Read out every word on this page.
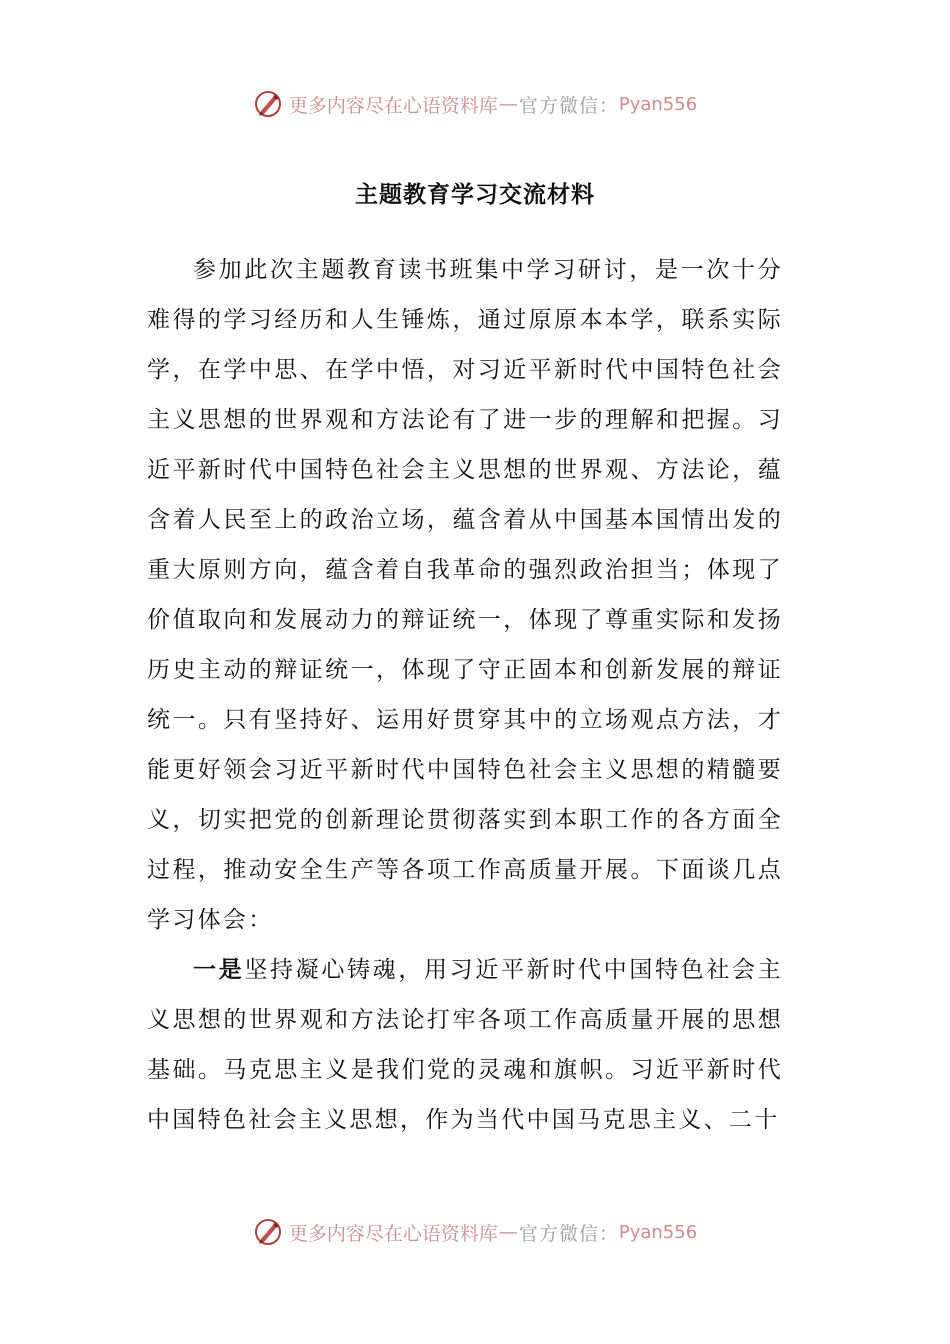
更多内容尽在心语资料库 — 官方微信： Pyan556
主题教育学习交流材料

参加此次主题教育读书班集中学习研讨，是一次十分难得的学习经历和人生锤炼，通过原原本本学，联系实际学，在学中思、在学中悟，对习近平新时代中国特色社会主义思想的世界观和方法论有了进一步的理解和把握。习近平新时代中国特色社会主义思想的世界观、方法论，蕴含着人民至上的政治立场，蕴含着从中国基本国情出发的重大原则方向，蕴含着自我革命的强烈政治担当；体现了价值取向和发展动力的辩证统一，体现了尊重实际和发扬历史主动的辩证统一，体现了守正固本和创新发展的辩证统一。只有坚持好、运用好贯穿其中的立场观点方法，才能更好领会习近平新时代中国特色社会主义思想的精髓要义，切实把党的创新理论贯彻落实到本职工作的各方面全过程，推动安全生产等各项工作高质量开展。下面谈几点学习体会：

一是坚持凝心铸魂，用习近平新时代中国特色社会主义思想的世界观和方法论打牢各项工作高质量开展的思想基础。马克思主义是我们党的灵魂和旗帜。习近平新时代中国特色社会主义思想，作为当代中国马克思主义、二十

更多内容尽在心语资料库 — 官方微信： Pyan556
